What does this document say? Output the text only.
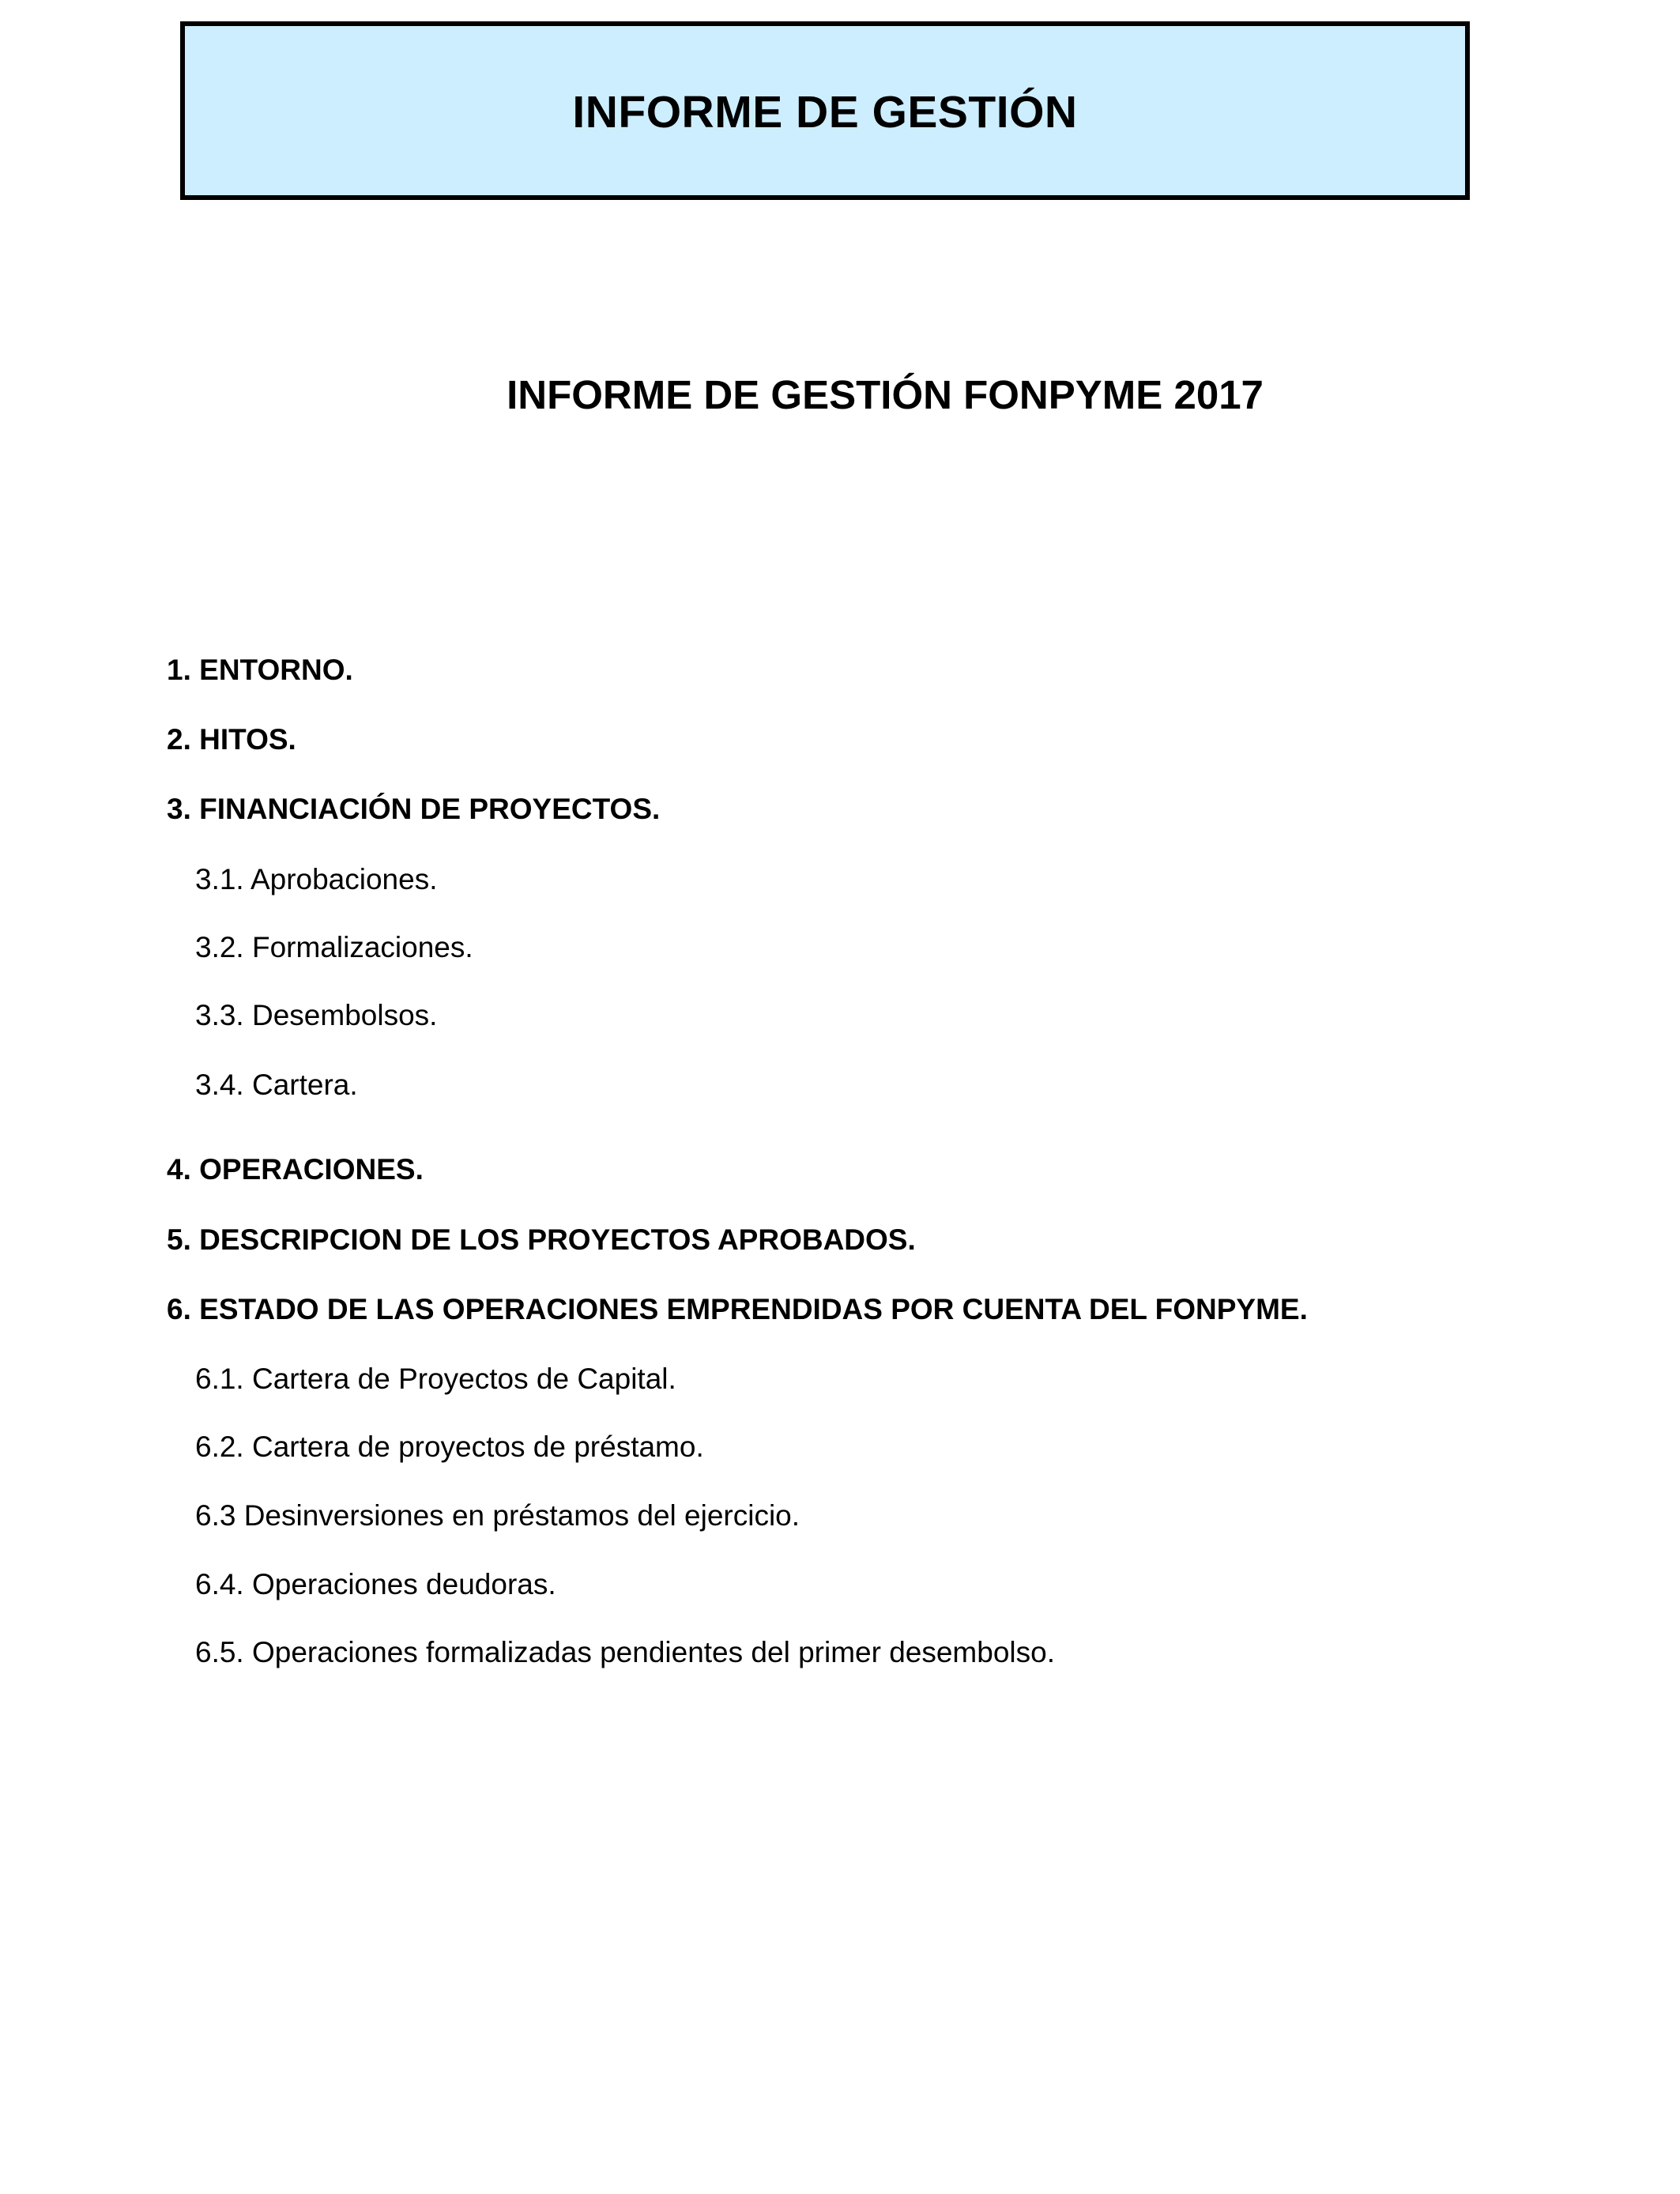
INFORME DE GESTIÓN
INFORME DE GESTIÓN FONPYME 2017
1. ENTORNO.
2. HITOS.
3. FINANCIACIÓN DE PROYECTOS.
3.1. Aprobaciones.
3.2. Formalizaciones.
3.3. Desembolsos.
3.4. Cartera.
4. OPERACIONES.
5. DESCRIPCION DE LOS PROYECTOS APROBADOS.
6. ESTADO DE LAS OPERACIONES EMPRENDIDAS POR CUENTA DEL FONPYME.
6.1. Cartera de Proyectos de Capital.
6.2. Cartera de proyectos de préstamo.
6.3 Desinversiones en préstamos del ejercicio.
6.4. Operaciones deudoras.
6.5. Operaciones formalizadas pendientes del primer desembolso.
